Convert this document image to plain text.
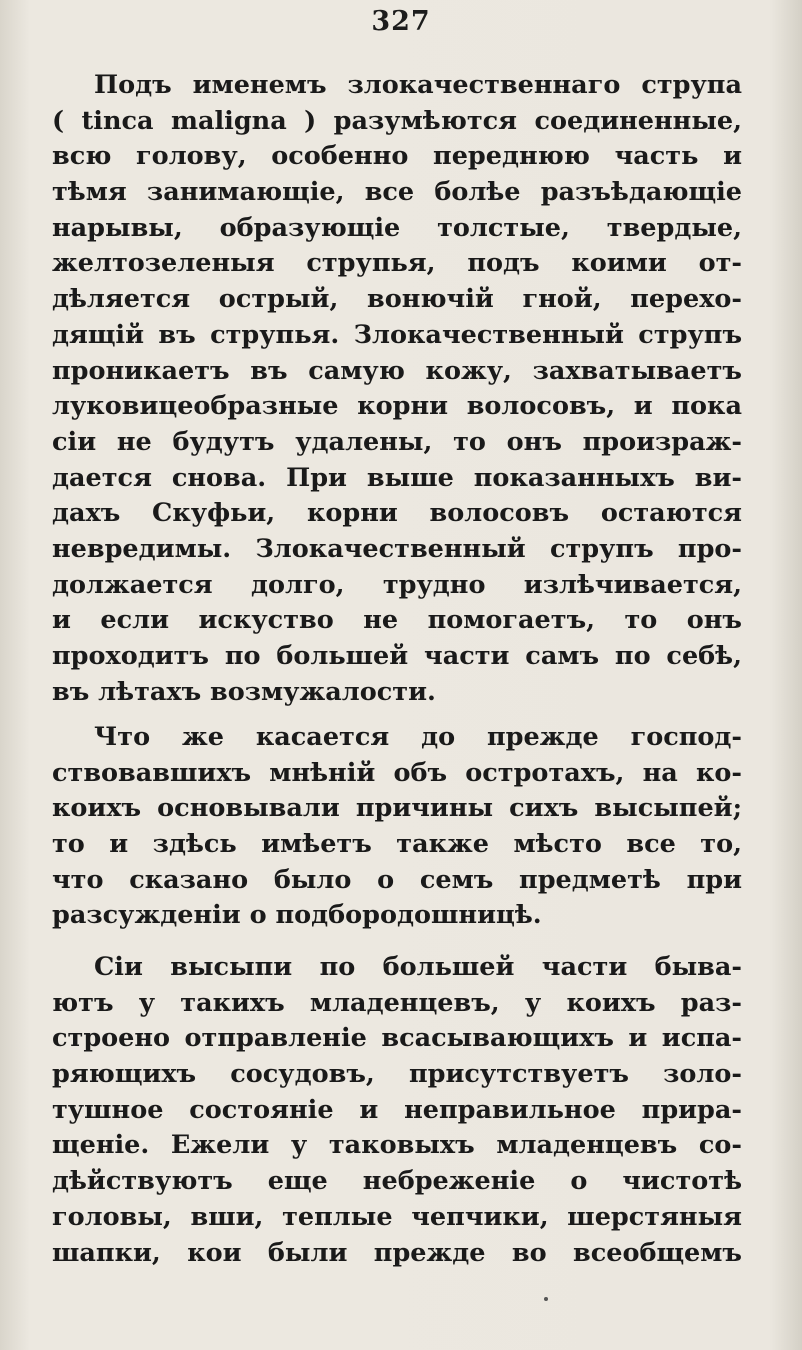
327
Подъ именемъ злокачественнаго струпа
( tinca maligna ) разумѣются соединенные,
всю голову, особенно переднюю часть и
тѣмя занимающіе, все болѣе разъѣдающіе
нарывы, образующіе толстые, твердые,
желтозеленыя струпья, подъ коими от-
дѣляется острый, вонючій гной, перехо-
дящій въ струпья. Злокачественный струпъ
проникаетъ въ самую кожу, захватываетъ
луковицеобразные корни волосовъ, и пока
сіи не будутъ удалены, то онъ произраж-
дается снова. При выше показанныхъ ви-
дахъ Скуфьи, корни волосовъ остаются
невредимы. Злокачественный струпъ про-
должается долго, трудно излѣчивается,
и если искуство не помогаетъ, то онъ
проходитъ по большей части самъ по себѣ,
въ лѣтахъ возмужалости.
Что же касается до прежде господ-
ствовавшихъ мнѣній объ остротахъ, на ко-
коихъ основывали причины сихъ высыпей;
то и здѣсь имѣетъ также мѣсто все то,
что сказано было о семъ предметѣ при
разсужденіи о подбородошницѣ.
Сіи высыпи по большей части быва-
ютъ у такихъ младенцевъ, у коихъ раз-
строено отправленіе всасывающихъ и испа-
ряющихъ сосудовъ, присутствуетъ золо-
тушное состояніе и неправильное прира-
щеніе. Ежели у таковыхъ младенцевъ со-
дѣйствуютъ еще небреженіе о чистотѣ
головы, вши, теплые чепчики, шерстяныя
шапки, кои были прежде во всеобщемъ
